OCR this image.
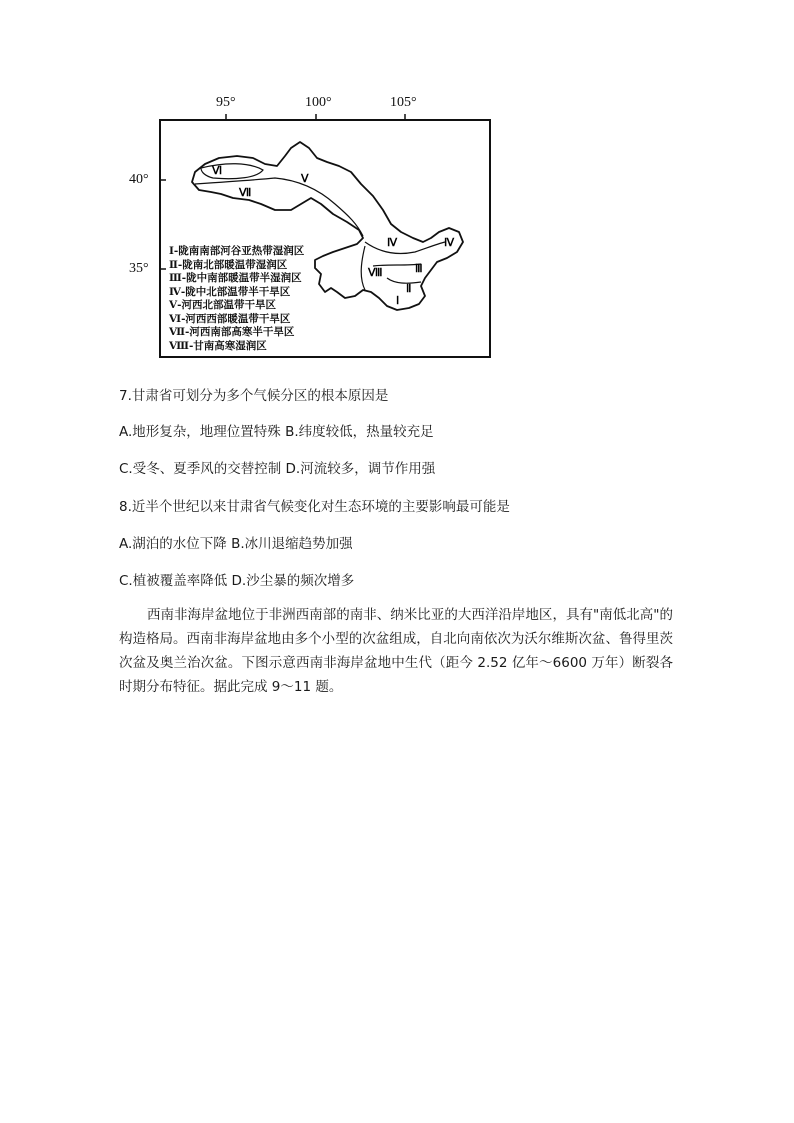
Ⅵ
Ⅴ
Ⅶ
Ⅳ	Ⅳ
Ⅲ
Ⅷ
Ⅱ
Ⅰ
95°	100°	105°
40°
35°
Ⅰ-陇南南部河谷亚热带湿润区
Ⅱ-陇南北部暖温带湿润区
Ⅲ-陇中南部暖温带半湿润区
Ⅳ-陇中北部温带半干旱区
Ⅴ-河西北部温带干旱区
Ⅵ-河西西部暖温带干旱区
Ⅶ-河西南部高寒半干旱区
Ⅷ-甘南高寒湿润区
7.甘肃省可划分为多个气候分区的根本原因是
A.地形复杂，地理位置特殊 B.纬度较低，热量较充足
C.受冬、夏季风的交替控制 D.河流较多，调节作用强
8.近半个世纪以来甘肃省气候变化对生态环境的主要影响最可能是
A.湖泊的水位下降 B.冰川退缩趋势加强
C.植被覆盖率降低 D.沙尘暴的频次增多
西南非海岸盆地位于非洲西南部的南非、纳米比亚的大西洋沿岸地区，具有"南低北高"的构造格局。西南非海岸盆地由多个小型的次盆组成，自北向南依次为沃尔维斯次盆、鲁得里茨次盆及奥兰治次盆。下图示意西南非海岸盆地中生代（距今 2.52 亿年～6600 万年）断裂各时期分布特征。据此完成 9～11 题。
